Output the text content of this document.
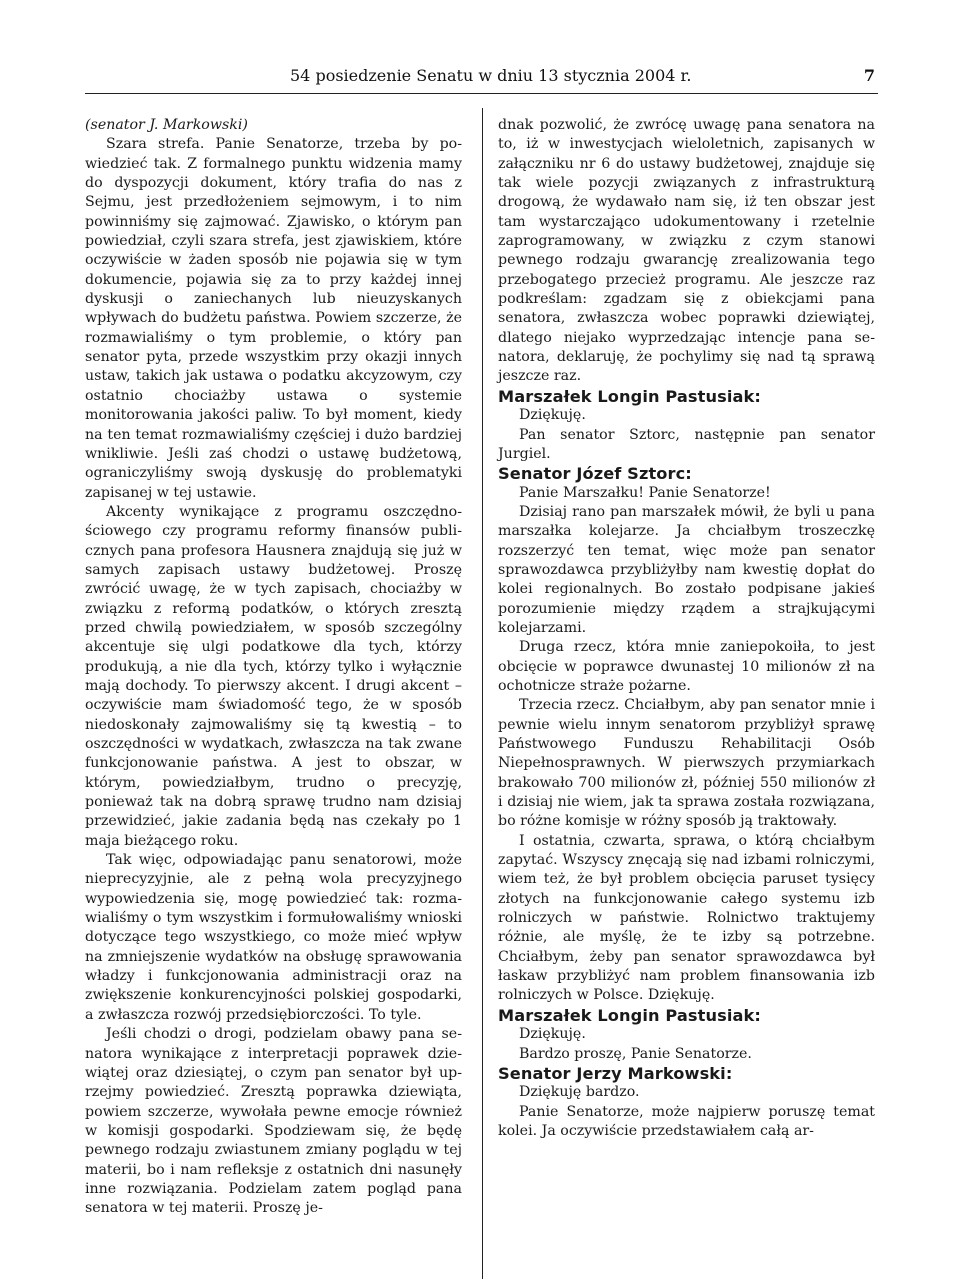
54 posiedzenie Senatu w dniu 13 stycznia 2004 r.	7

(senator J. Markowski)

Szara strefa. Panie Senatorze, trzeba by powiedzieć tak. Z formalnego punktu widzenia mamy do dyspozycji dokument, który trafia do nas z Sejmu, jest przedłożeniem sejmowym, i to nim powinniśmy się zajmować. Zjawisko, o którym pan powiedział, czyli szara strefa, jest zjawiskiem, które oczywiście w żaden sposób nie pojawia się w tym dokumencie, pojawia się za to przy każdej innej dyskusji o zaniechanych lub nieuzyskanych wpływach do budżetu państwa. Powiem szczerze, że rozmawialiśmy o tym problemie, o który pan senator pyta, przede wszystkim przy okazji innych ustaw, takich jak ustawa o podatku akcyzowym, czy ostatnio chociażby ustawa o systemie monitorowania jakości paliw. To był moment, kiedy na ten temat rozmawialiśmy częściej i dużo bardziej wnikliwie. Jeśli zaś chodzi o ustawę budżetową, ograniczyliśmy swoją dyskusję do problematyki zapisanej w tej ustawie.

Akcenty wynikające z programu oszczędnościowego czy programu reformy finansów publicznych pana profesora Hausnera znajdują się już w samych zapisach ustawy budżetowej. Proszę zwrócić uwagę, że w tych zapisach, chociażby w związku z reformą podatków, o których zresztą przed chwilą powiedziałem, w sposób szczególny akcentuje się ulgi podatkowe dla tych, którzy produkują, a nie dla tych, którzy tylko i wyłącznie mają dochody. To pierwszy akcent. I drugi akcent – oczywiście mam świadomość tego, że w sposób niedoskonały zajmowaliśmy się tą kwestią – to oszczędności w wydatkach, zwłaszcza na tak zwane funkcjonowanie państwa. A jest to obszar, w którym, powiedziałbym, trudno o precyzję, ponieważ tak na dobrą sprawę trudno nam dzisiaj przewidzieć, jakie zadania będą nas czekały po 1 maja bieżącego roku.

Tak więc, odpowiadając panu senatorowi, może nieprecyzyjnie, ale z pełną wola precyzyjnego wypowiedzenia się, mogę powiedzieć tak: rozmawialiśmy o tym wszystkim i formułowaliśmy wnioski dotyczące tego wszystkiego, co może mieć wpływ na zmniejszenie wydatków na obsługę sprawowania władzy i funkcjonowania administracji oraz na zwiększenie konkurencyjności polskiej gospodarki, a zwłaszcza rozwój przedsiębiorczości. To tyle.

Jeśli chodzi o drogi, podzielam obawy pana senatora wynikające z interpretacji poprawek dziewiątej oraz dziesiątej, o czym pan senator był uprzejmy powiedzieć. Zresztą poprawka dziewiąta, powiem szczerze, wywołała pewne emocje również w komisji gospodarki. Spodziewam się, że będę pewnego rodzaju zwiastunem zmiany poglądu w tej materii, bo i nam refleksje z ostatnich dni nasunęły inne rozwiązania. Podzielam zatem pogląd pana senatora w tej materii. Proszę je-

dnak pozwolić, że zwrócę uwagę pana senatora na to, iż w inwestycjach wieloletnich, zapisanych w załączniku nr 6 do ustawy budżetowej, znajduje się tak wiele pozycji związanych z infrastrukturą drogową, że wydawało nam się, iż ten obszar jest tam wystarczająco udokumentowany i rzetelnie zaprogramowany, w związku z czym stanowi pewnego rodzaju gwarancję zrealizowania tego przebogatego przecież programu. Ale jeszcze raz podkreślam: zgadzam się z obiekcjami pana senatora, zwłaszcza wobec poprawki dziewiątej, dlatego niejako wyprzedzając intencje pana senatora, deklaruję, że pochylimy się nad tą sprawą jeszcze raz.

Marszałek Longin Pastusiak:

Dziękuję.

Pan senator Sztorc, następnie pan senator Jurgiel.

Senator Józef Sztorc:

Panie Marszałku! Panie Senatorze!

Dzisiaj rano pan marszałek mówił, że byli u pana marszałka kolejarze. Ja chciałbym troszeczkę rozszerzyć ten temat, więc może pan senator sprawozdawca przybliżyłby nam kwestię dopłat do kolei regionalnych. Bo zostało podpisane jakieś porozumienie między rządem a strajkującymi kolejarzami.

Druga rzecz, która mnie zaniepokoiła, to jest obcięcie w poprawce dwunastej 10 milionów zł na ochotnicze straże pożarne.

Trzecia rzecz. Chciałbym, aby pan senator mnie i pewnie wielu innym senatorom przybliżył sprawę Państwowego Funduszu Rehabilitacji Osób Niepełnosprawnych. W pierwszych przymiarkach brakowało 700 milionów zł, później 550 milionów zł i dzisiaj nie wiem, jak ta sprawa została rozwiązana, bo różne komisje w różny sposób ją traktowały.

I ostatnia, czwarta, sprawa, o którą chciałbym zapytać. Wszyscy znęcają się nad izbami rolniczymi, wiem też, że był problem obcięcia paruset tysięcy złotych na funkcjonowanie całego systemu izb rolniczych w państwie. Rolnictwo traktujemy różnie, ale myślę, że te izby są potrzebne. Chciałbym, żeby pan senator sprawozdawca był łaskaw przybliżyć nam problem finansowania izb rolniczych w Polsce. Dziękuję.

Marszałek Longin Pastusiak:

Dziękuję.

Bardzo proszę, Panie Senatorze.

Senator Jerzy Markowski:

Dziękuję bardzo.

Panie Senatorze, może najpierw poruszę temat kolei. Ja oczywiście przedstawiałem całą ar-
